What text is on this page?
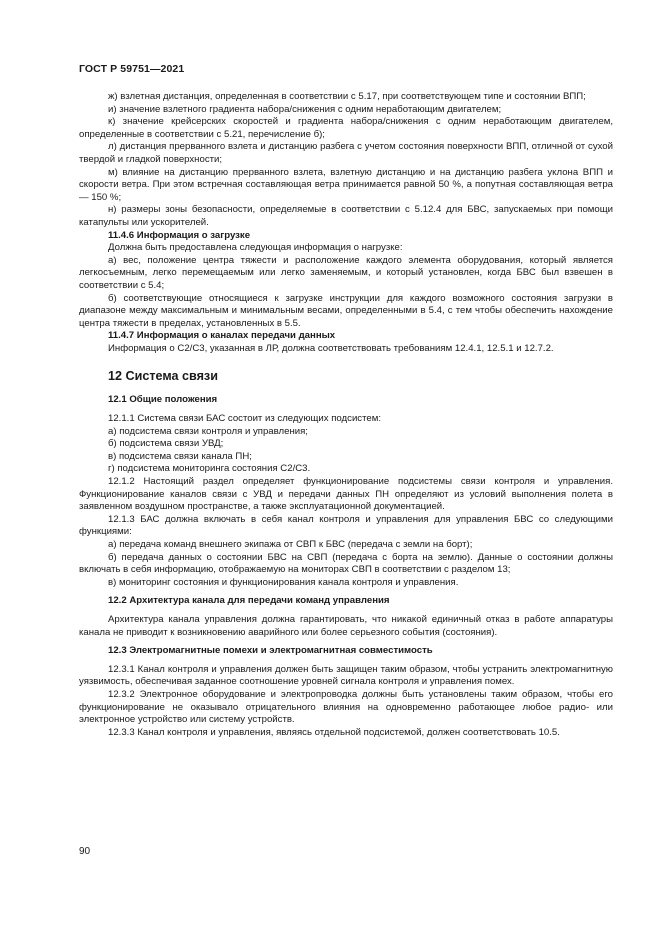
ГОСТ Р 59751—2021

ж) взлетная дистанция, определенная в соответствии с 5.17, при соответствующем типе и состоянии ВПП;

и) значение взлетного градиента набора/снижения с одним неработающим двигателем;

к) значение крейсерских скоростей и градиента набора/снижения с одним неработающим двигателем, определенные в соответствии с 5.21, перечисление б);

л) дистанция прерванного взлета и дистанцию разбега с учетом состояния поверхности ВПП, отличной от сухой твердой и гладкой поверхности;

м) влияние на дистанцию прерванного взлета, взлетную дистанцию и на дистанцию разбега уклона ВПП и скорости ветра. При этом встречная составляющая ветра принимается равной 50 %, а попутная составляющая ветра — 150 %;

н) размеры зоны безопасности, определяемые в соответствии с 5.12.4 для БВС, запускаемых при помощи катапульты или ускорителей.

11.4.6 Информация о загрузке

Должна быть предоставлена следующая информация о нагрузке:

а) вес, положение центра тяжести и расположение каждого элемента оборудования, который является легкосъемным, легко перемещаемым или легко заменяемым, и который установлен, когда БВС был взвешен в соответствии с 5.4;

б) соответствующие относящиеся к загрузке инструкции для каждого возможного состояния загрузки в диапазоне между максимальным и минимальным весами, определенными в 5.4, с тем чтобы обеспечить нахождение центра тяжести в пределах, установленных в 5.5.

11.4.7 Информация о каналах передачи данных

Информация о С2/С3, указанная в ЛР, должна соответствовать требованиям 12.4.1, 12.5.1 и 12.7.2.

12 Система связи
12.1 Общие положения

12.1.1 Система связи БАС состоит из следующих подсистем:

а) подсистема связи контроля и управления;

б) подсистема связи УВД;

в) подсистема связи канала ПН;

г) подсистема мониторинга состояния С2/С3.

12.1.2 Настоящий раздел определяет функционирование подсистемы связи контроля и управления. Функционирование каналов связи с УВД и передачи данных ПН определяют из условий выполнения полета в заявленном воздушном пространстве, а также эксплуатационной документацией.

12.1.3 БАС должна включать в себя канал контроля и управления для управления БВС со следующими функциями:

а) передача команд внешнего экипажа от СВП к БВС (передача с земли на борт);

б) передача данных о состоянии БВС на СВП (передача с борта на землю). Данные о состоянии должны включать в себя информацию, отображаемую на мониторах СВП в соответствии с разделом 13;

в) мониторинг состояния и функционирования канала контроля и управления.

12.2 Архитектура канала для передачи команд управления

Архитектура канала управления должна гарантировать, что никакой единичный отказ в работе аппаратуры канала не приводит к возникновению аварийного или более серьезного события (состояния).

12.3 Электромагнитные помехи и электромагнитная совместимость

12.3.1 Канал контроля и управления должен быть защищен таким образом, чтобы устранить электромагнитную уязвимость, обеспечивая заданное соотношение уровней сигнала контроля и управления помех.

12.3.2 Электронное оборудование и электропроводка должны быть установлены таким образом, чтобы его функционирование не оказывало отрицательного влияния на одновременно работающее любое радио- или электронное устройство или систему устройств.

12.3.3 Канал контроля и управления, являясь отдельной подсистемой, должен соответствовать 10.5.

90
